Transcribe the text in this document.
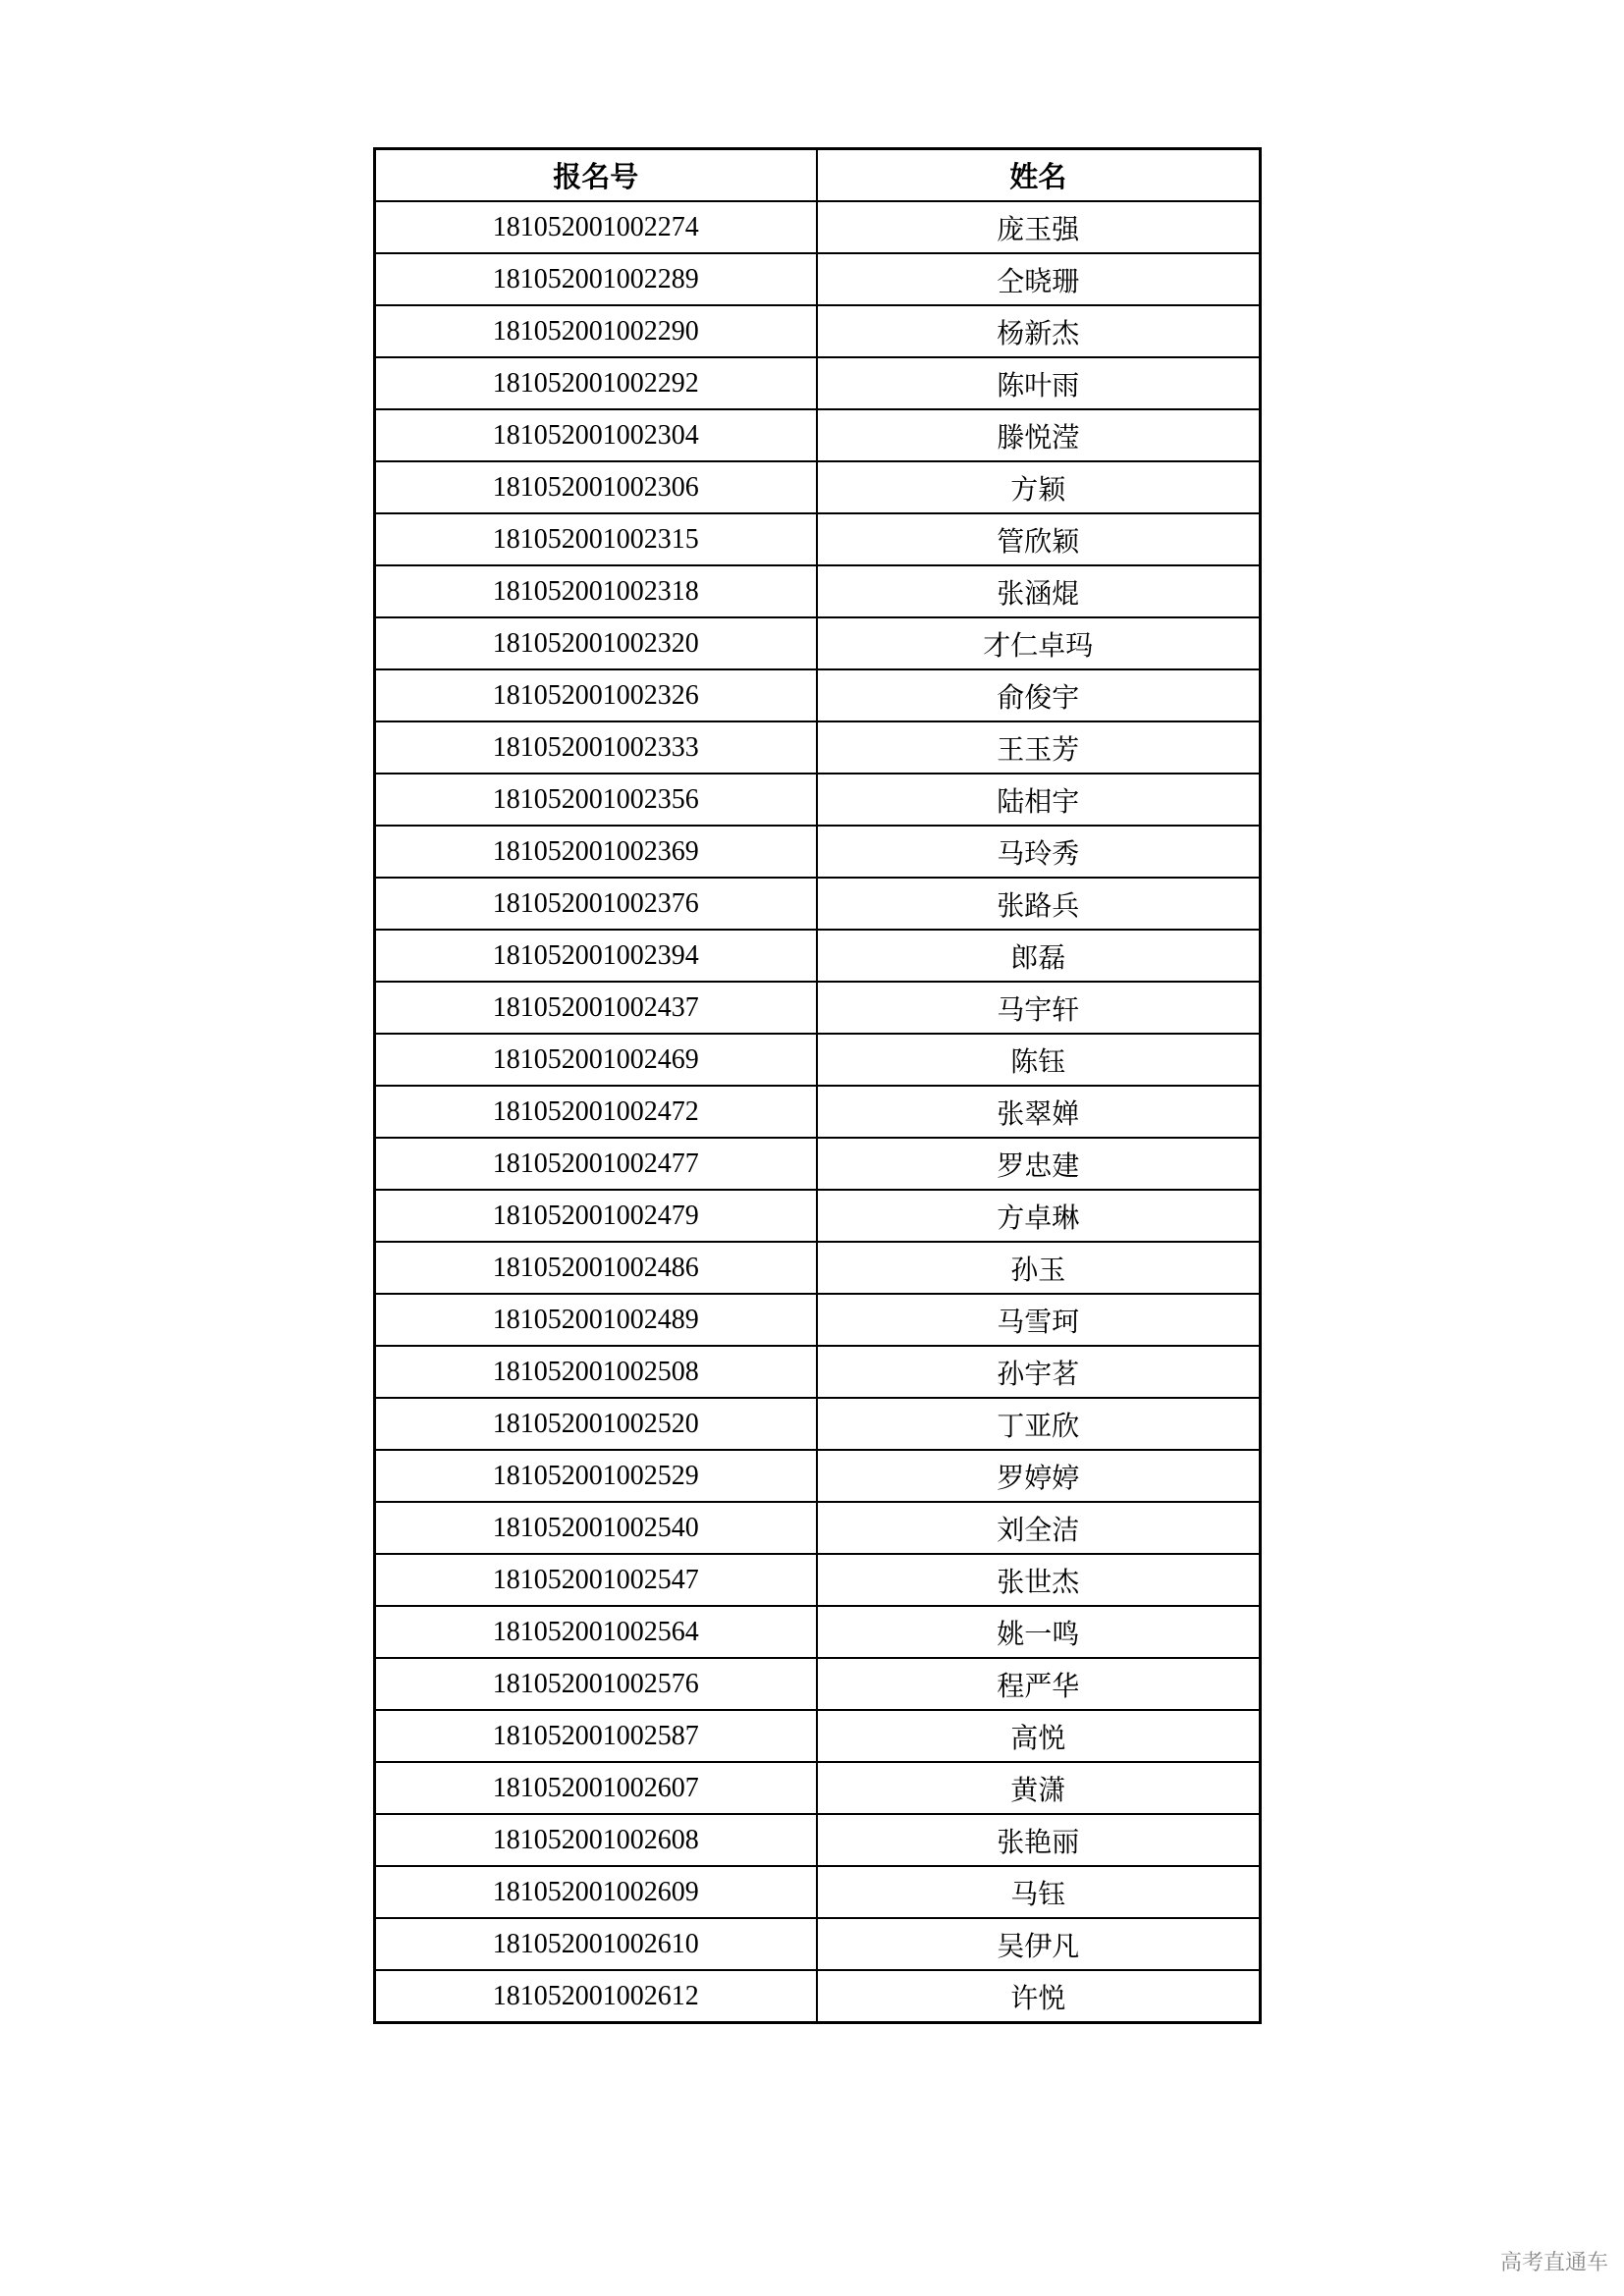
报名号	姓名
181052001002274	庞玉强
181052001002289	仝晓珊
181052001002290	杨新杰
181052001002292	陈叶雨
181052001002304	滕悦滢
181052001002306	方颖
181052001002315	管欣颖
181052001002318	张涵焜
181052001002320	才仁卓玛
181052001002326	俞俊宇
181052001002333	王玉芳
181052001002356	陆相宇
181052001002369	马玲秀
181052001002376	张路兵
181052001002394	郎磊
181052001002437	马宇轩
181052001002469	陈钰
181052001002472	张翠婵
181052001002477	罗忠建
181052001002479	方卓琳
181052001002486	孙玉
181052001002489	马雪珂
181052001002508	孙宇茗
181052001002520	丁亚欣
181052001002529	罗婷婷
181052001002540	刘全洁
181052001002547	张世杰
181052001002564	姚一鸣
181052001002576	程严华
181052001002587	高悦
181052001002607	黄潇
181052001002608	张艳丽
181052001002609	马钰
181052001002610	吴伊凡
181052001002612	许悦
高考直通车
